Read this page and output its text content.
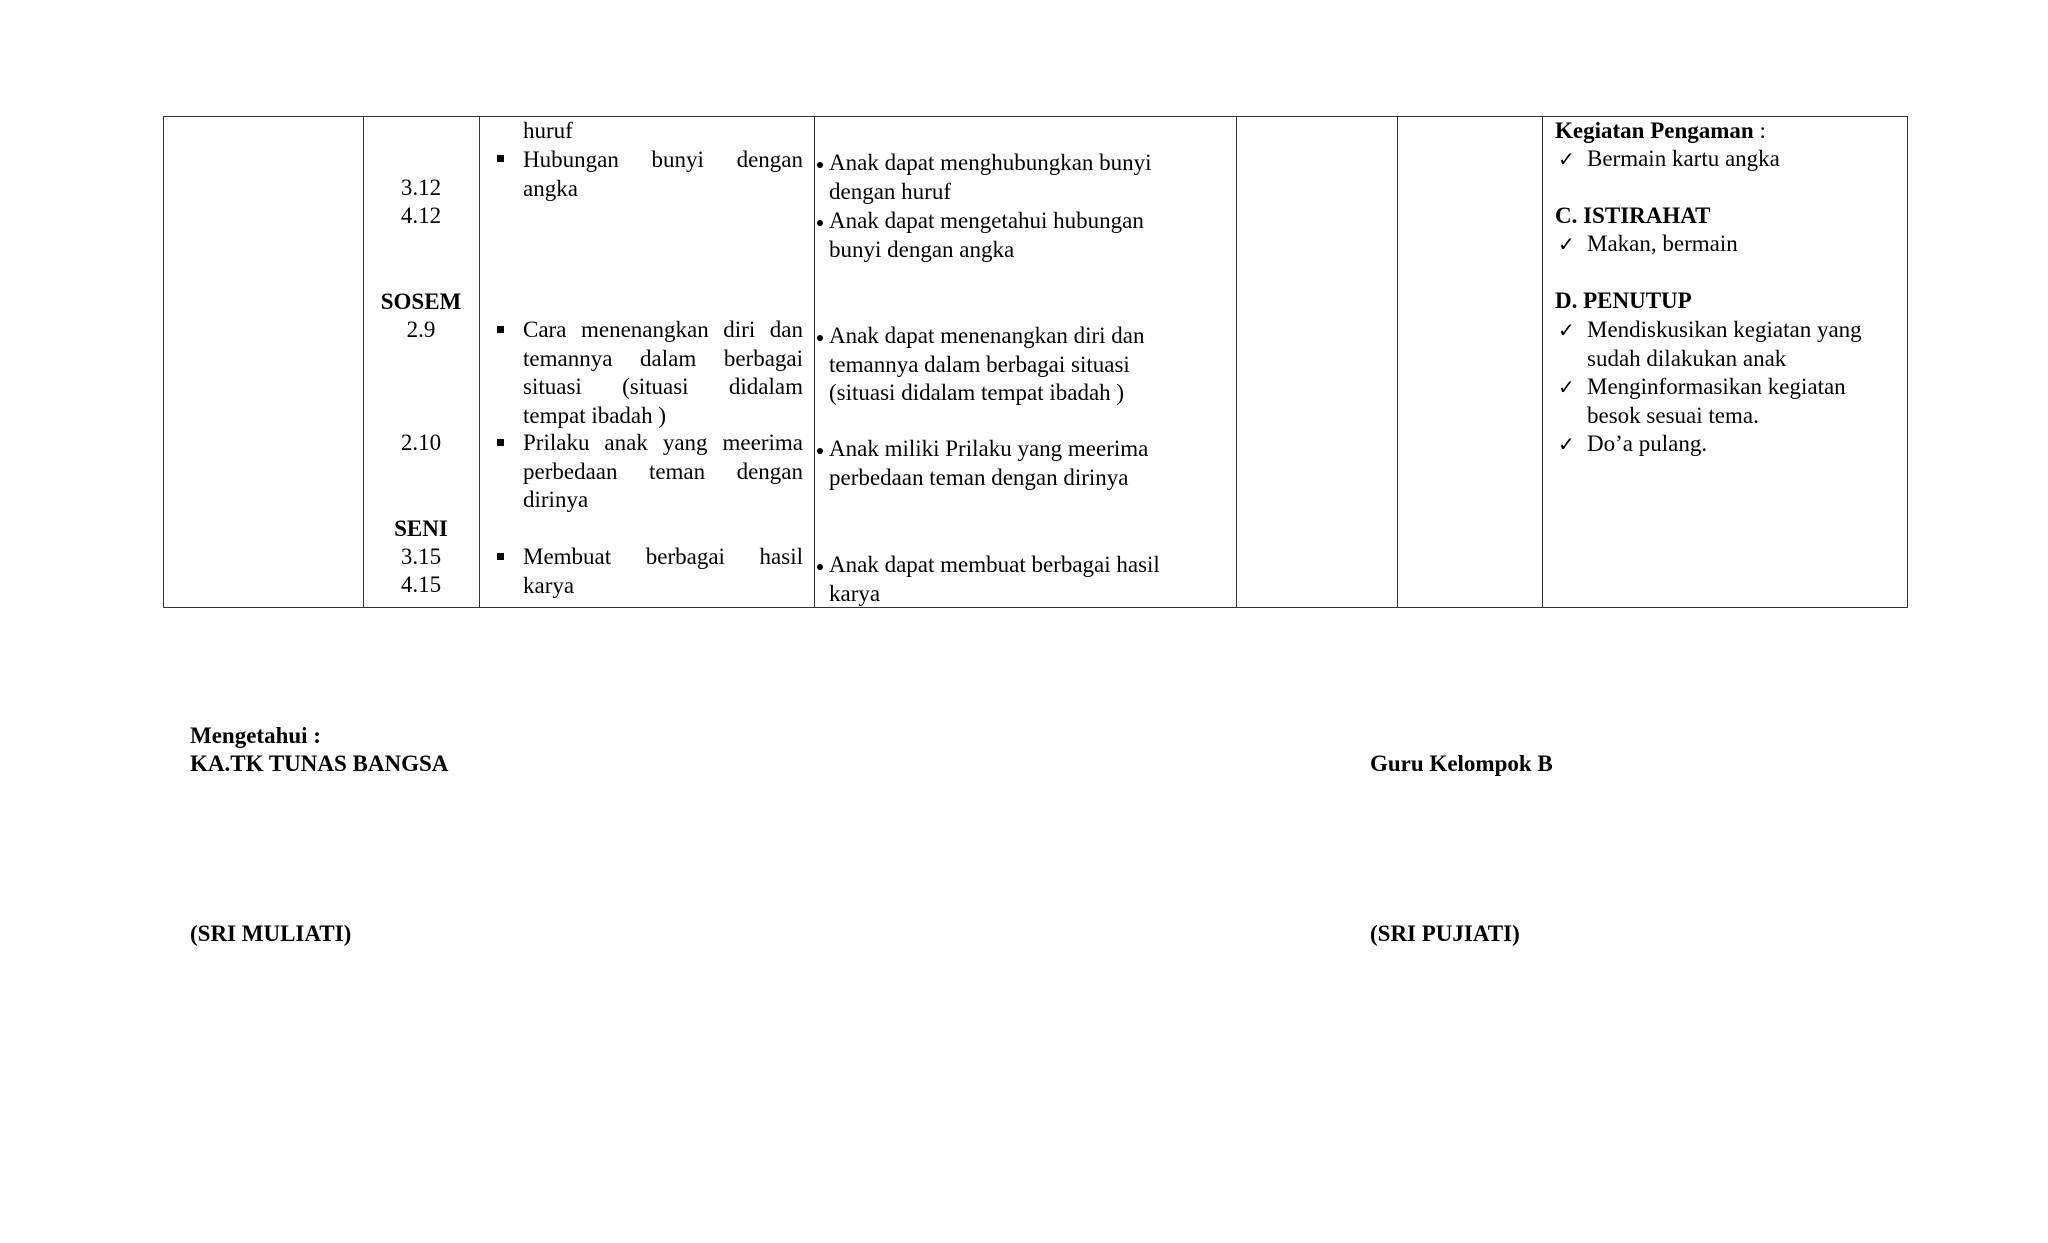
3.12
4.12
SOSEM
2.9
2.10
SENI
3.15
4.15
huruf
Hubungan bunyi dengan
angka
Cara menenangkan diri dan
temannya dalam berbagai
situasi (situasi didalam
tempat ibadah )
Prilaku anak yang meerima
perbedaan teman dengan
dirinya
Membuat berbagai hasil
karya
Anak dapat menghubungkan bunyi
dengan huruf
Anak dapat mengetahui hubungan
bunyi dengan angka
Anak dapat menenangkan diri dan
temannya dalam berbagai situasi
(situasi didalam tempat ibadah )
Anak miliki Prilaku yang meerima
perbedaan teman dengan dirinya
Anak dapat membuat berbagai hasil
karya
Kegiatan Pengaman :
✓ Bermain kartu angka
C. ISTIRAHAT
✓ Makan, bermain
D. PENUTUP
✓ Mendiskusikan kegiatan yang
sudah dilakukan anak
✓ Menginformasikan kegiatan
besok sesuai tema.
✓ Do’a pulang.
Mengetahui :
KA.TK TUNAS BANGSA	Guru Kelompok B
(SRI MULIATI)	(SRI PUJIATI)
